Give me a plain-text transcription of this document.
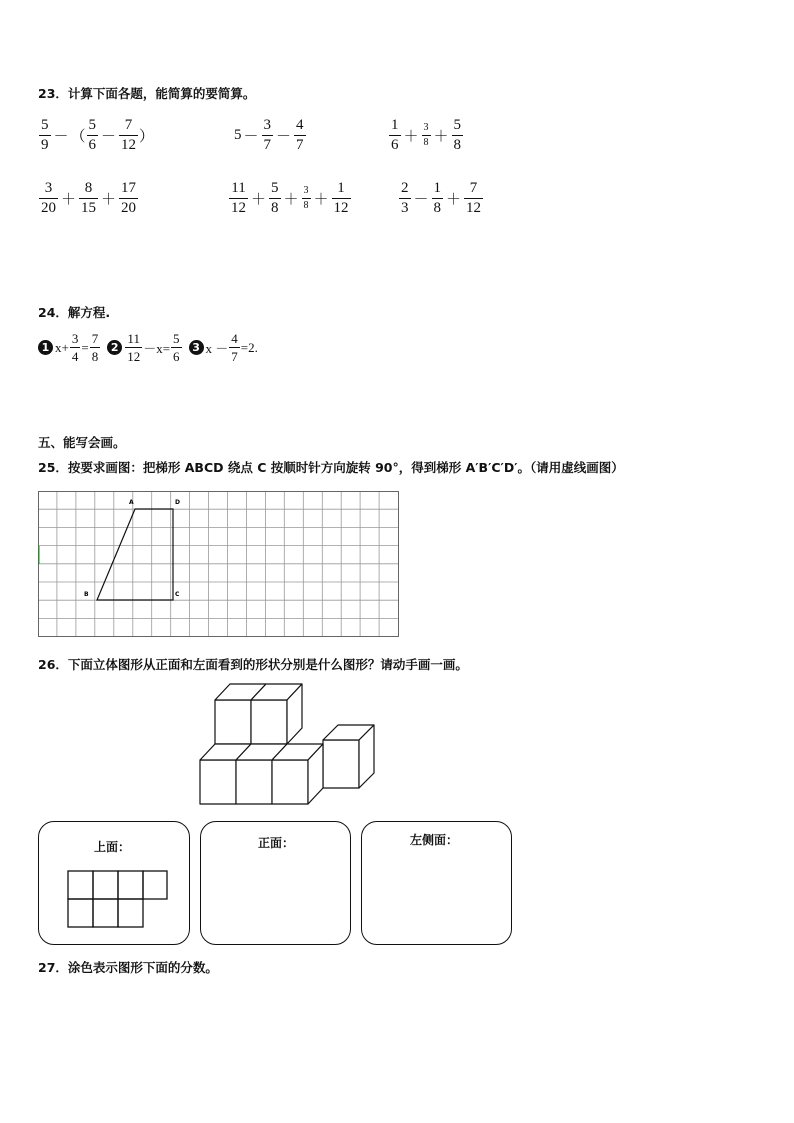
23．计算下面各题，能简算的要简算。
$\frac{5}{9}$ － （ $\frac{5}{6} - \frac{7}{12}$ ）	$5 - \frac{3}{7} - \frac{4}{7}$	$\frac{1}{6} + \frac{3}{8} + \frac{5}{8}$
$\frac{3}{20} + \frac{8}{15} + \frac{17}{20}$	$\frac{11}{12} + \frac{5}{8} + \frac{3}{8} + \frac{1}{12}$	$\frac{2}{3} - \frac{1}{8} + \frac{7}{12}$
24．解方程.
1 $x+ \frac{3}{4} = \frac{7}{8} 2 \frac{11}{12} -x= \frac{5}{6} 3$ $x - \frac{4}{7} =2$.
五、能写会画。
25．按要求画图：把梯形 ABCD 绕点 C 按顺时针方向旋转 90°，得到梯形 A′B′C′D′。（请用虚线画图）
A	D
B	C
26．下面立体图形从正面和左面看到的形状分别是什么图形？请动手画一画。
上面：	正面：	左侧面：
27．涂色表示图形下面的分数。
